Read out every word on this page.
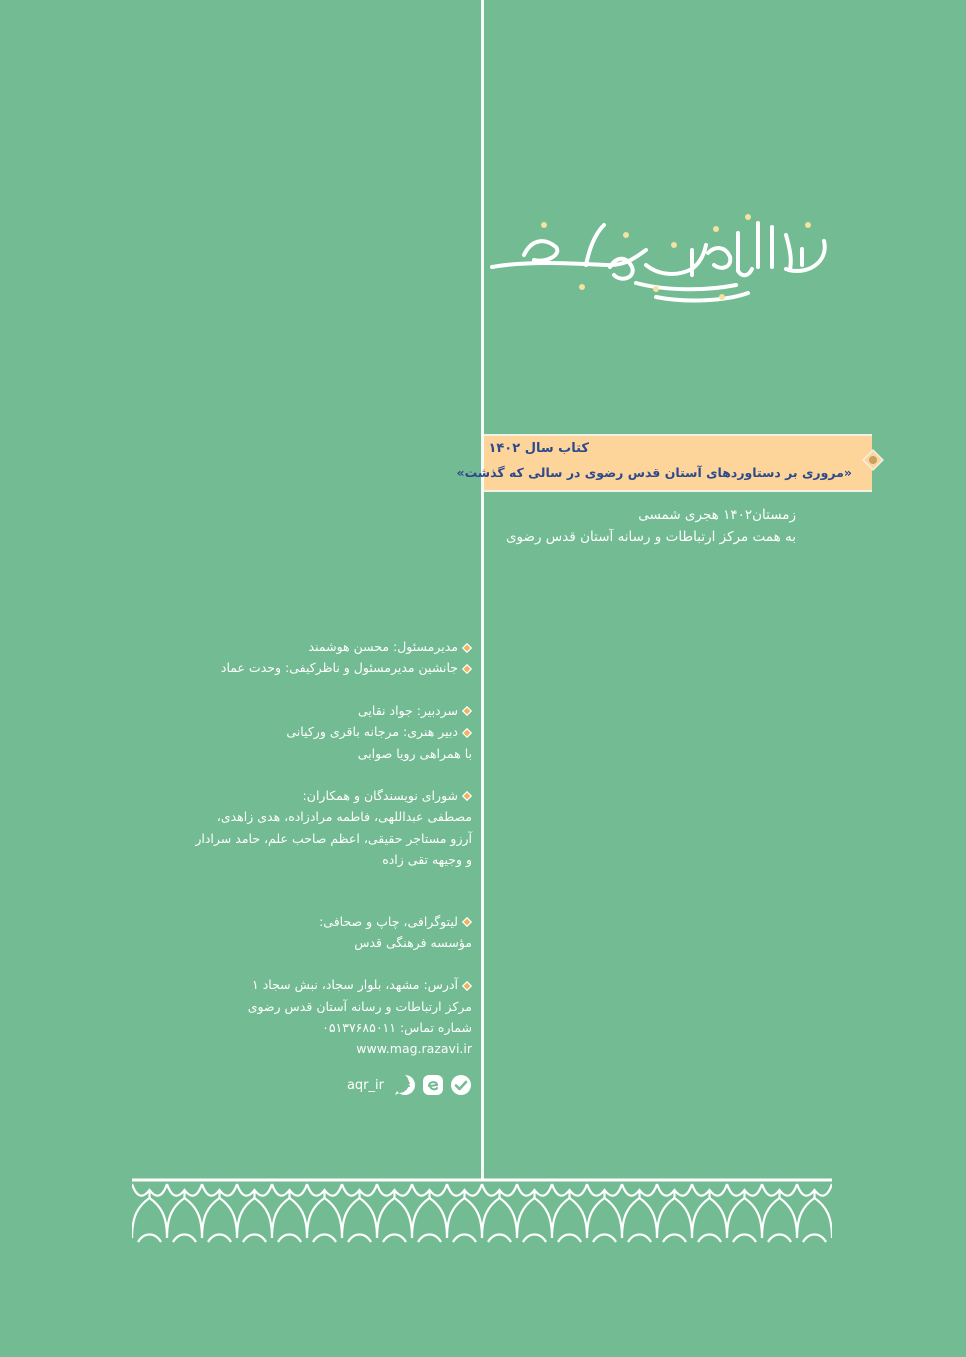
کتاب سال ۱۴۰۲
«مروری بر دستاوردهای آستان قدس رضوی در سالی که گذشت»
زمستان۱۴۰۲ هجری شمسی
به همت مرکز ارتباطات و رسانه آستان قدس رضوی
مدیرمسئول: محسن هوشمند
جانشین مدیرمسئول و ناظرکیفی: وحدت عماد
سردبیر: جواد نقایی
دبیر هنری: مرجانه باقری ورکیانی
با همراهی رویا صوابی
شورای نویسندگان و همکاران:
مصطفی عبداللهی، فاطمه مرادزاده، هدی زاهدی،
آرزو مستاجر حقیقی، اعظم صاحب علم، حامد سرادار
و وجیهه تقی زاده
لیتوگرافی، چاپ و صحافی:
مؤسسه فرهنگی قدس
آدرس: مشهد، بلوار سجاد، نبش سجاد ۱
مرکز ارتباطات و رسانه آستان قدس رضوی
شماره تماس: ۰۵۱۳۷۶۸۵۰۱۱
www.mag.razavi.ir
aqr_ir
